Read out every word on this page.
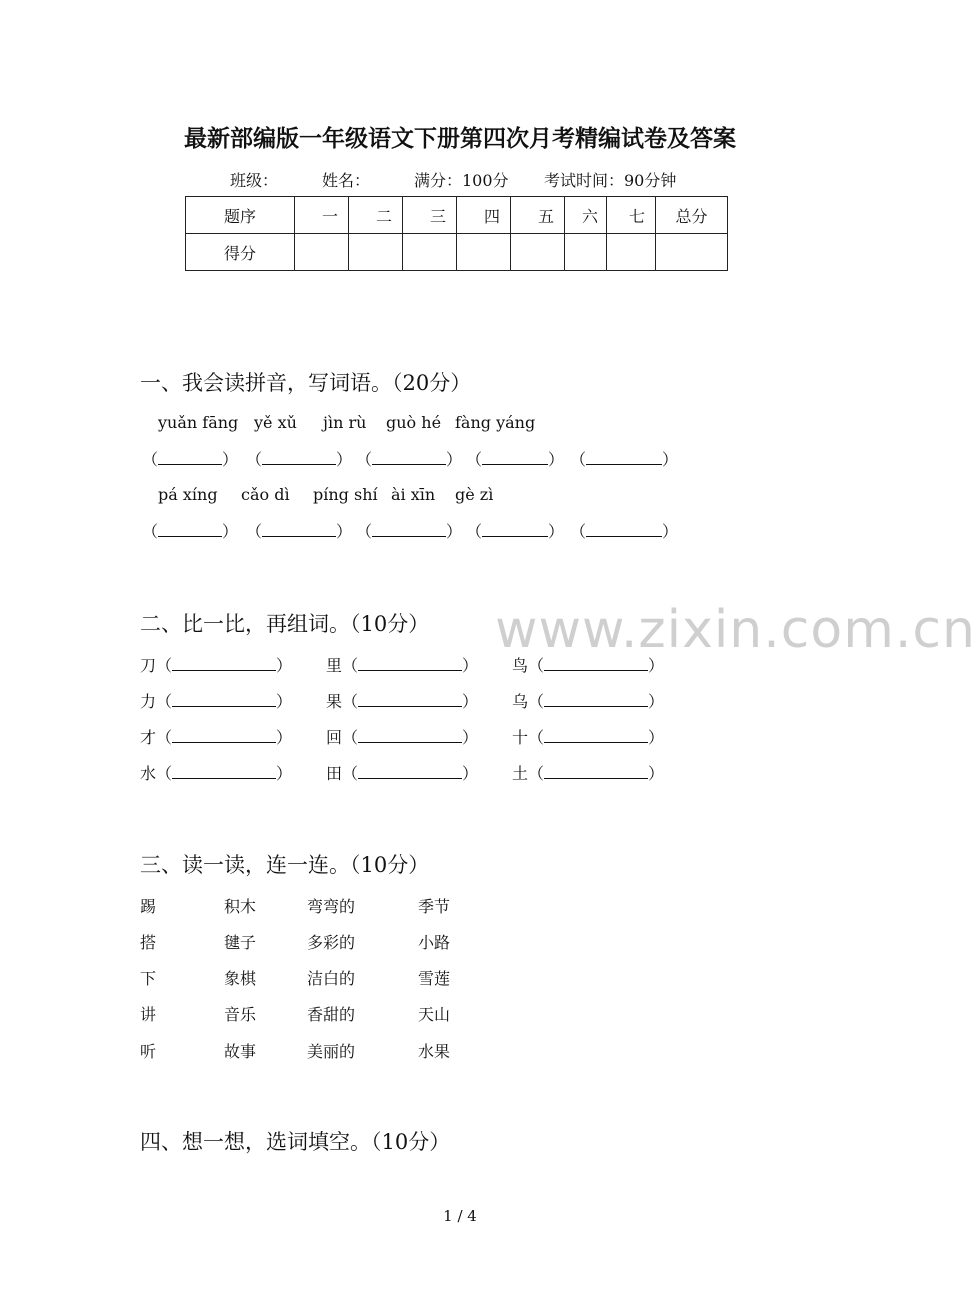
最新部编版一年级语文下册第四次月考精编试卷及答案
班级：	姓名：	满分：100分 考试时间：90分钟
题序	一	二	三	四	五	六	七	总分
得分								
一、我会读拼音，写词语。（20分）
yuǎn fāng yě xǔ jìn rù guò hé fàng yáng
（	） （	） （	） （	） （	）
pá xíng cǎo dì píng shí ài xīn gè zì
（	） （	） （	） （	） （	）
二、比一比，再组词。（10分） www.zixin.com.cn
刀（	） 里（	） 鸟（	）
力（	） 果（	） 乌（	）
才（	） 回（	） 十（	）
水（	） 田（	） 土（	）
三、读一读，连一连。（10分）
踢	积木	弯弯的	季节
搭	毽子	多彩的	小路
下	象棋	洁白的	雪莲
讲	音乐	香甜的	天山
听	故事	美丽的	水果
四、想一想，选词填空。（10分）
1 / 4
